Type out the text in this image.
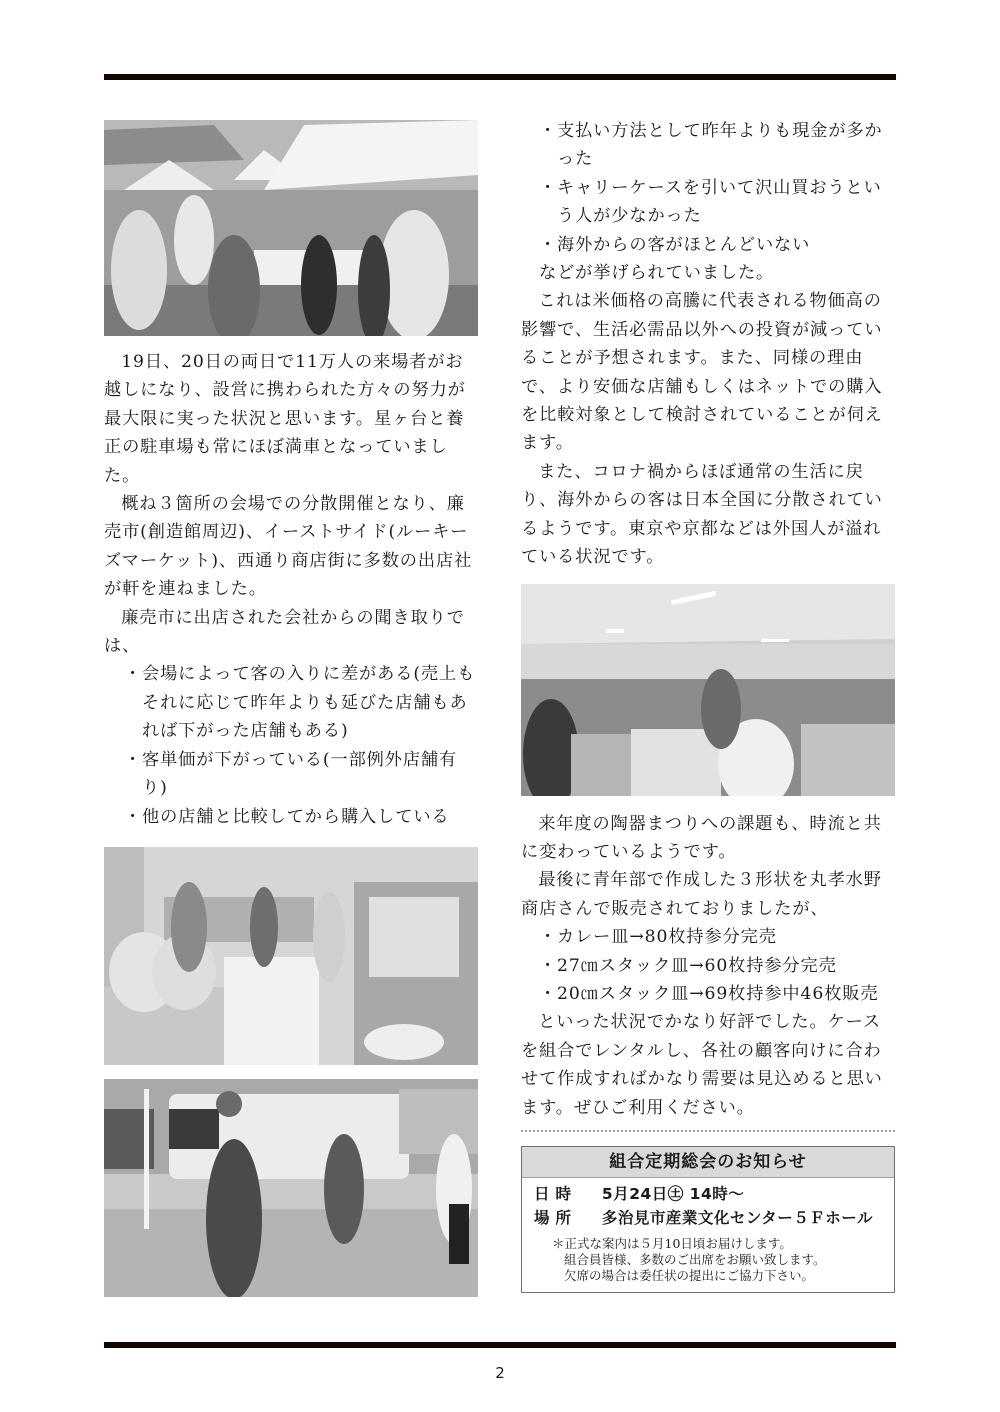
19日、20日の両日で11万人の来場者がお越しになり、設営に携わられた方々の努力が最大限に実った状況と思います。星ヶ台と養正の駐車場も常にほぼ満車となっていました。

概ね３箇所の会場での分散開催となり、廉売市(創造館周辺)、イーストサイド(ルーキーズマーケット)、西通り商店街に多数の出店社が軒を連ねました。

廉売市に出店された会社からの聞き取りでは、

・会場によって客の入りに差がある(売上もそれに応じて昨年よりも延びた店舗もあれば下がった店舗もある)

・客単価が下がっている(一部例外店舗有り)

・他の店舗と比較してから購入している

・支払い方法として昨年よりも現金が多かった

・キャリーケースを引いて沢山買おうという人が少なかった

・海外からの客がほとんどいない

などが挙げられていました。

これは米価格の高騰に代表される物価高の影響で、生活必需品以外への投資が減っていることが予想されます。また、同様の理由で、より安価な店舗もしくはネットでの購入を比較対象として検討されていることが伺えます。

また、コロナ禍からほぼ通常の生活に戻り、海外からの客は日本全国に分散されているようです。東京や京都などは外国人が溢れている状況です。

来年度の陶器まつりへの課題も、時流と共に変わっているようです。

最後に青年部で作成した３形状を丸孝水野商店さんで販売されておりましたが、

・カレー皿→80枚持参分完売

・27㎝スタック皿→60枚持参分完売

・20㎝スタック皿→69枚持参中46枚販売

といった状況でかなり好評でした。ケースを組合でレンタルし、各社の顧客向けに合わせて作成すればかなり需要は見込めると思います。ぜひご利用ください。

組合定期総会のお知らせ
日時 5月24日㊏ 14時～
場所 多治見市産業文化センター５Ｆホール
＊正式な案内は５月10日頃お届けします。
組合員皆様、多数のご出席をお願い致します。
欠席の場合は委任状の提出にご協力下さい。
2
